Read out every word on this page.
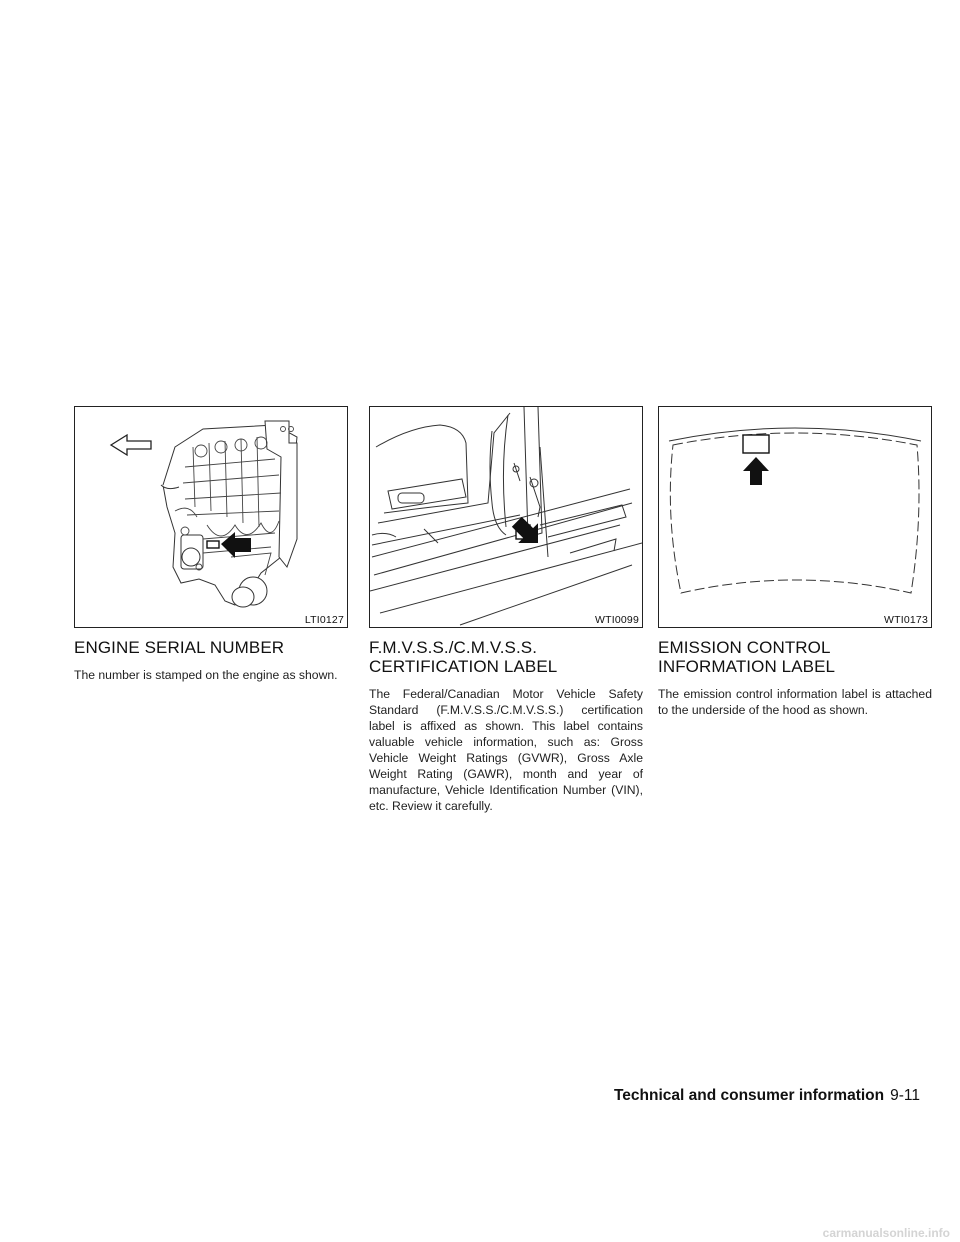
LTI0127
ENGINE SERIAL NUMBER

The number is stamped on the engine as shown.

WTI0099
F.M.V.S.S./C.M.V.S.S. CERTIFICATION LABEL

The Federal/Canadian Motor Vehicle Safety Standard (F.M.V.S.S./C.M.V.S.S.) certification label is affixed as shown. This label contains valuable vehicle information, such as: Gross Vehicle Weight Ratings (GVWR), Gross Axle Weight Rating (GAWR), month and year of manufacture, Vehicle Identification Number (VIN), etc. Review it carefully.

WTI0173
EMISSION CONTROL INFORMATION LABEL

The emission control information label is attached to the underside of the hood as shown.

Technical and consumer information 9-11
carmanualsonline.info
